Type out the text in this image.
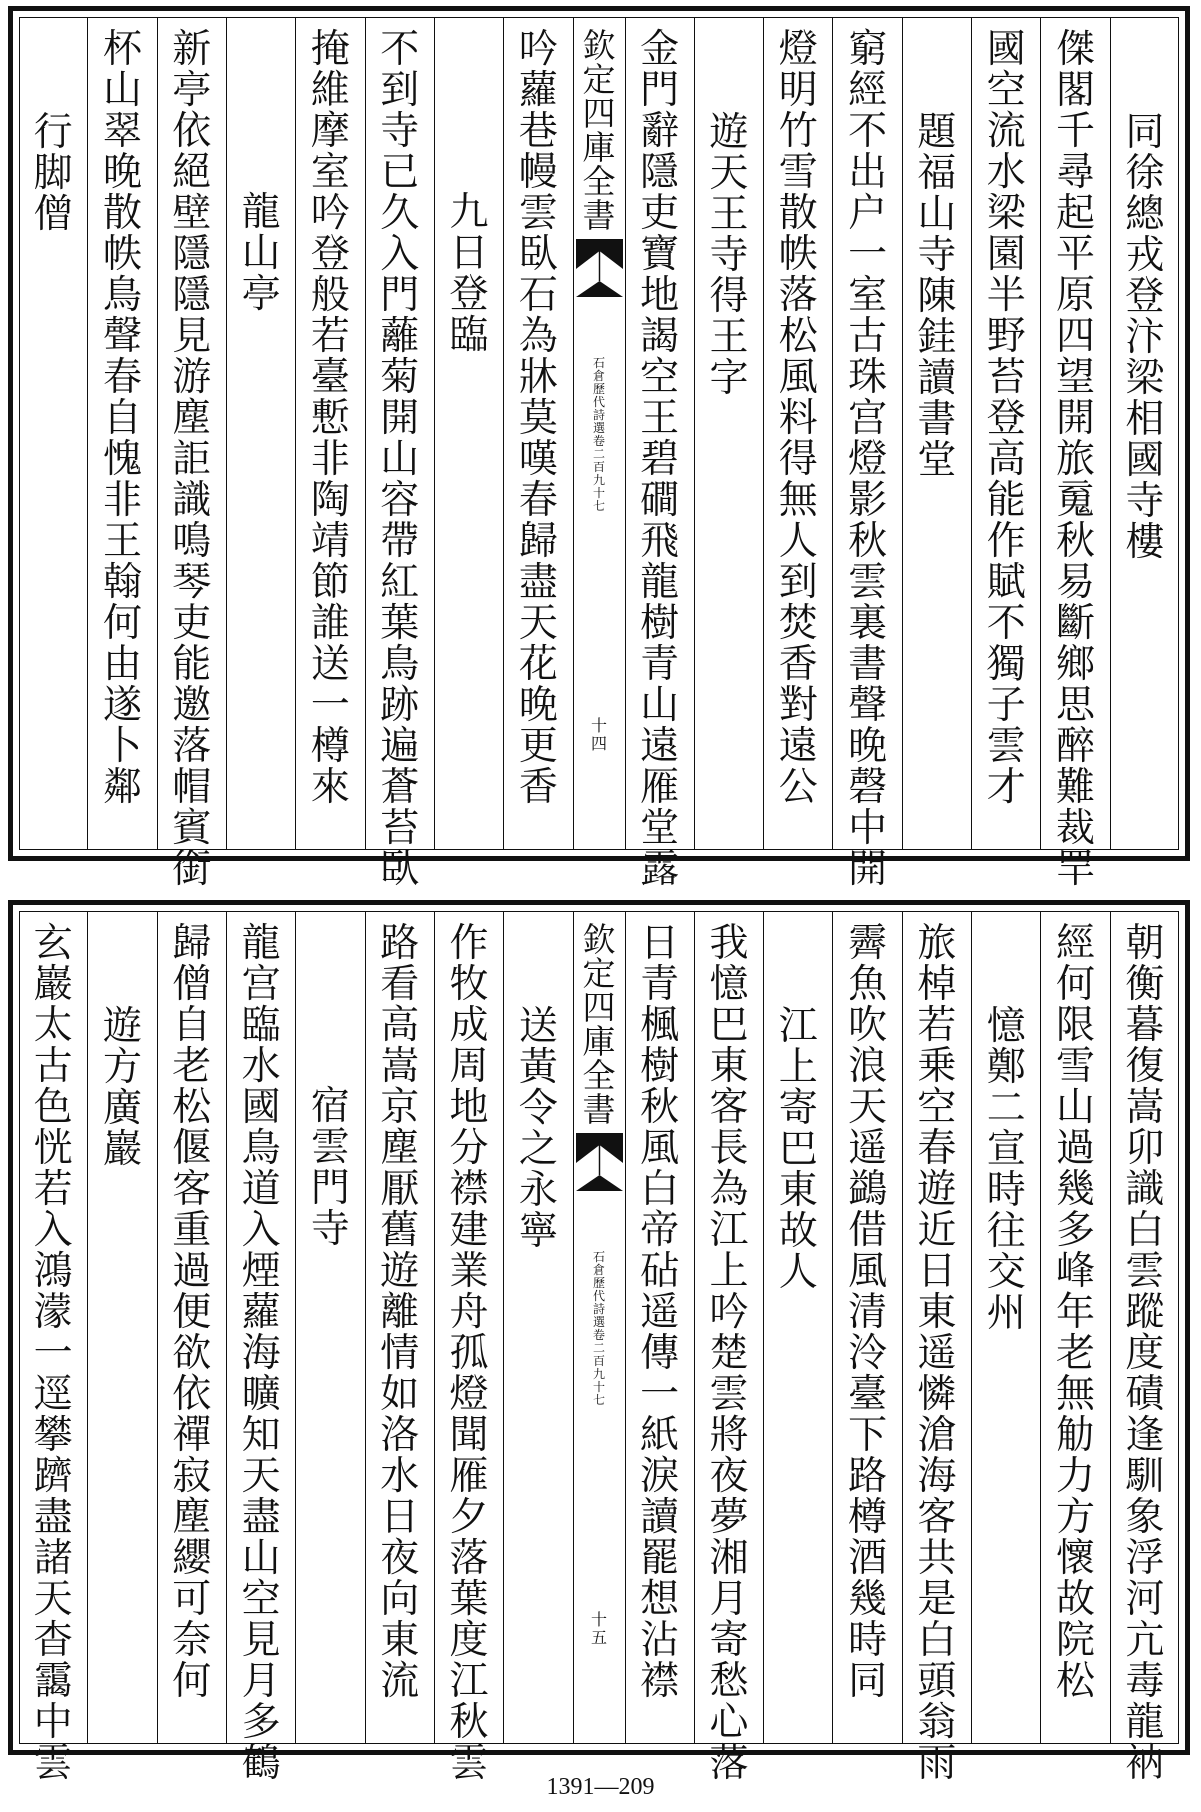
同徐總戎登汴梁相國寺樓
傑閣千尋起平原四望開旅䰟秋易斷鄉思醉難裁䍐
國空流水梁園半野苔登高能作賦不獨子雲才
題福山寺陳銈讀書堂
窮經不出户一室古珠宫燈影秋雲裏書聲晚磬中開
燈明竹雪散帙落松風料得無人到焚香對遠公
遊天王寺得王字
金門辭隱吏寶地謁空王碧磵飛龍樹青山遠雁堂露
欽定四庫全書
石倉歷代詩選 卷二百九十七
十四
吟蘿巷幔雲臥石為牀莫嘆春歸盡天花晚更香
九日登臨
不到寺已久入門蘺菊開山容帶紅葉鳥跡遍蒼苔臥
掩維摩室吟登般若臺慙非陶靖節誰送一樽來
龍山亭
新亭依絕壁隱隱見游塵詎識鳴琴吏能邀落帽賓銜
杯山翠晚散帙鳥聲春自愧非王翰何由遂卜鄰
行脚僧
朝衡暮復嵩卯識白雲蹤度磧逢馴象浮河亢毒龍衲
經何限雪山過幾多峰年老無觔力方懷故院松
憶鄭二宣時往交州
旅棹若乗空春遊近日東遥憐滄海客共是白頭翁雨
霽魚吹浪天遥鷁借風清泠臺下路樽酒幾時同
江上寄巴東故人
我憶巴東客長為江上吟楚雲將夜夢湘月寄愁心落
日青楓樹秋風白帝砧遥傳一紙淚讀罷想沾襟
欽定四庫全書
石倉歷代詩選 卷二百九十七
十五
送黃令之永寧
作牧成周地分襟建業舟孤燈聞雁夕落葉度江秋雲
路看高嵩京塵厭舊遊離情如洛水日夜向東流
宿雲門寺
龍宫臨水國鳥道入煙蘿海曠知天盡山空見月多鶴
歸僧自老松偃客重過便欲依禪寂塵纓可奈何
遊方廣巖
玄巖太古色恍若入鴻濛一逕攀躋盡諸天杳靄中雲
1391—209
